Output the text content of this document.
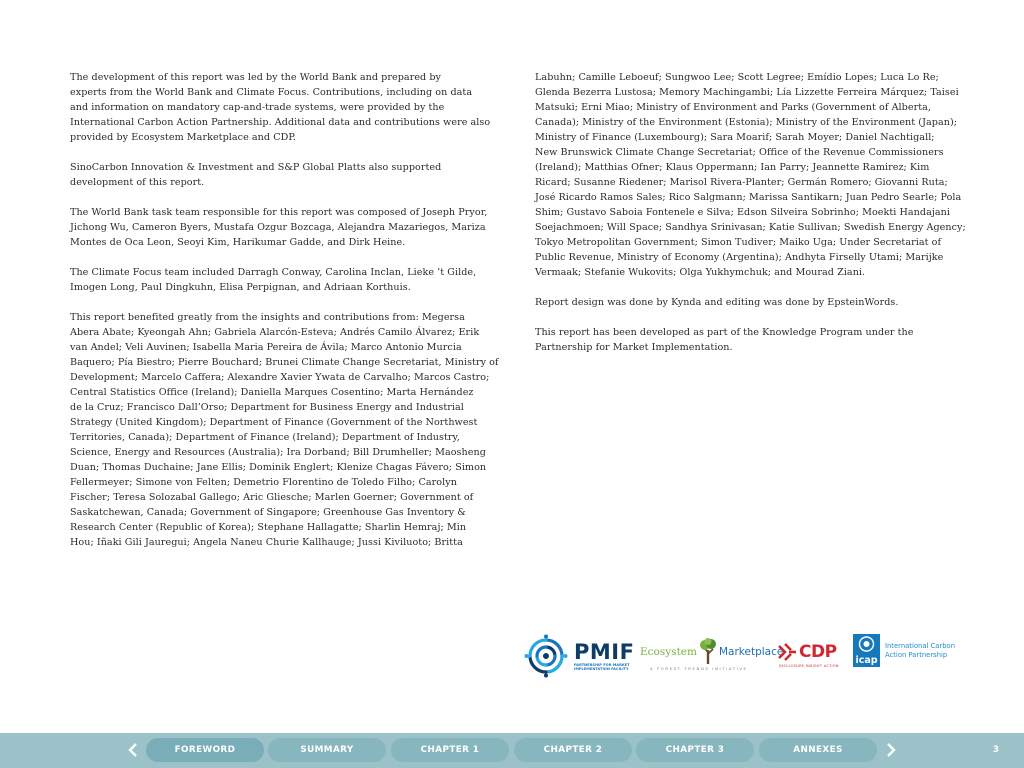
The development of this report was led by the World Bank and prepared by
experts from the World Bank and Climate Focus. Contributions, including on data
and information on mandatory cap-and-trade systems, were provided by the
International Carbon Action Partnership. Additional data and contributions were also
provided by Ecosystem Marketplace and CDP.

SinoCarbon Innovation & Investment and S&P Global Platts also supported
development of this report.

The World Bank task team responsible for this report was composed of Joseph Pryor,
Jichong Wu, Cameron Byers, Mustafa Ozgur Bozcaga, Alejandra Mazariegos, Mariza
Montes de Oca Leon, Seoyi Kim, Harikumar Gadde, and Dirk Heine.

The Climate Focus team included Darragh Conway, Carolina Inclan, Lieke ’t Gilde,
Imogen Long, Paul Dingkuhn, Elisa Perpignan, and Adriaan Korthuis.

This report benefited greatly from the insights and contributions from: Megersa
Abera Abate; Kyeongah Ahn; Gabriela Alarcón-Esteva; Andrés Camilo Álvarez; Erik
van Andel; Veli Auvinen; Isabella Maria Pereira de Ávila; Marco Antonio Murcia
Baquero; Pía Biestro; Pierre Bouchard; Brunei Climate Change Secretariat, Ministry of
Development; Marcelo Caffera; Alexandre Xavier Ywata de Carvalho; Marcos Castro;
Central Statistics Office (Ireland); Daniella Marques Cosentino; Marta Hernández
de la Cruz; Francisco Dall’Orso; Department for Business Energy and Industrial
Strategy (United Kingdom); Department of Finance (Government of the Northwest
Territories, Canada); Department of Finance (Ireland); Department of Industry,
Science, Energy and Resources (Australia); Ira Dorband; Bill Drumheller; Maosheng
Duan; Thomas Duchaine; Jane Ellis; Dominik Englert; Klenize Chagas Fávero; Simon
Fellermeyer; Simone von Felten; Demetrio Florentino de Toledo Filho; Carolyn
Fischer; Teresa Solozabal Gallego; Aric Gliesche; Marlen Goerner; Government of
Saskatchewan, Canada; Government of Singapore; Greenhouse Gas Inventory &
Research Center (Republic of Korea); Stephane Hallagatte; Sharlin Hemraj; Min
Hou; Iñaki Gili Jauregui; Angela Naneu Churie Kallhauge; Jussi Kiviluoto; Britta

Labuhn; Camille Leboeuf; Sungwoo Lee; Scott Legree; Emídio Lopes; Luca Lo Re;
Glenda Bezerra Lustosa; Memory Machingambi; Lía Lizzette Ferreira Márquez; Taisei
Matsuki; Erni Miao; Ministry of Environment and Parks (Government of Alberta,
Canada); Ministry of the Environment (Estonia); Ministry of the Environment (Japan);
Ministry of Finance (Luxembourg); Sara Moarif; Sarah Moyer; Daniel Nachtigall;
New Brunswick Climate Change Secretariat; Office of the Revenue Commissioners
(Ireland); Matthias Ofner; Klaus Oppermann; Ian Parry; Jeannette Ramirez; Kim
Ricard; Susanne Riedener; Marisol Rivera-Planter; Germán Romero; Giovanni Ruta;
José Ricardo Ramos Sales; Rico Salgmann; Marissa Santikarn; Juan Pedro Searle; Pola
Shim; Gustavo Saboia Fontenele e Silva; Edson Silveira Sobrinho; Moekti Handajani
Soejachmoen; Will Space; Sandhya Srinivasan; Katie Sullivan; Swedish Energy Agency;
Tokyo Metropolitan Government; Simon Tudiver; Maiko Uga; Under Secretariat of
Public Revenue, Ministry of Economy (Argentina); Andhyta Firselly Utami; Marijke
Vermaak; Stefanie Wukovits; Olga Yukhymchuk; and Mourad Ziani.

Report design was done by Kynda and editing was done by EpsteinWords.

This report has been developed as part of the Knowledge Program under the
Partnership for Market Implementation.

PMIF
PARTNERSHIP FOR MARKET IMPLEMENTATION FACILITY
Ecosystem Marketplace
A FOREST TRENDS INITIATIVE
CDP
DISCLOSURE INSIGHT ACTION icap
International Carbon
Action Partnership
FOREWORD	SUMMARY	CHAPTER 1	CHAPTER 2	CHAPTER 3	ANNEXES	3
